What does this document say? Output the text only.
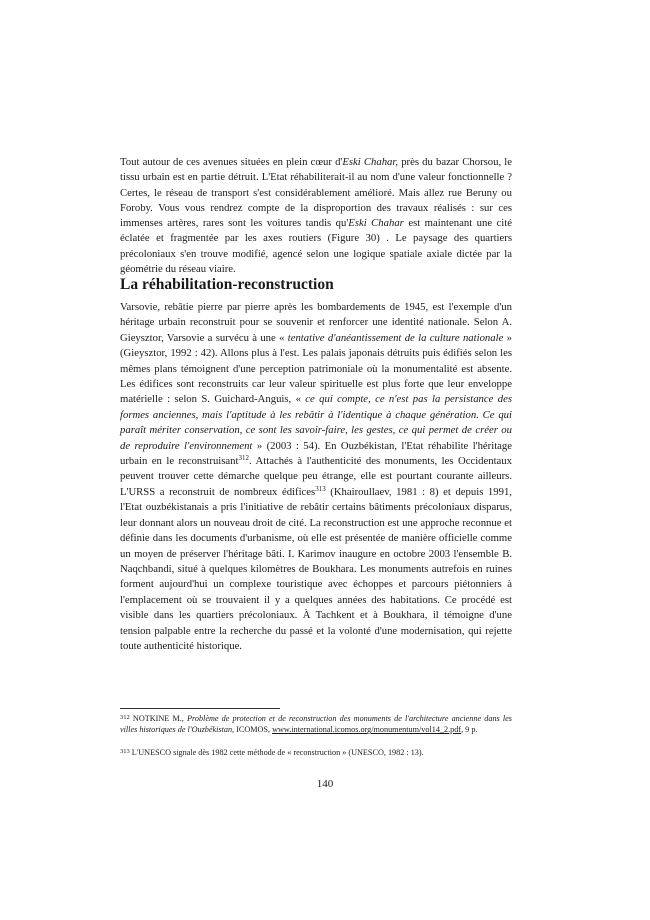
Tout autour de ces avenues situées en plein cœur d'Eski Chahar, près du bazar Chorsou, le tissu urbain est en partie détruit. L'Etat réhabiliterait-il au nom d'une valeur fonctionnelle ? Certes, le réseau de transport s'est considérablement amélioré. Mais allez rue Beruny ou Foroby. Vous vous rendrez compte de la disproportion des travaux réalisés : sur ces immenses artères, rares sont les voitures tandis qu'Eski Chahar est maintenant une cité éclatée et fragmentée par les axes routiers (Figure 30) . Le paysage des quartiers précoloniaux s'en trouve modifié, agencé selon une logique spatiale axiale dictée par la géométrie du réseau viaire.

La réhabilitation-reconstruction

Varsovie, rebâtie pierre par pierre après les bombardements de 1945, est l'exemple d'un héritage urbain reconstruit pour se souvenir et renforcer une identité nationale. Selon A. Gieysztor, Varsovie a survécu à une « tentative d'anéantissement de la culture nationale » (Gieysztor, 1992 : 42). Allons plus à l'est. Les palais japonais détruits puis édifiés selon les mêmes plans témoignent d'une perception patrimoniale où la monumentalité est absente. Les édifices sont reconstruits car leur valeur spirituelle est plus forte que leur enveloppe matérielle : selon S. Guichard-Anguis, « ce qui compte, ce n'est pas la persistance des formes anciennes, mais l'aptitude à les rebâtir à l'identique à chaque génération. Ce qui paraît mériter conservation, ce sont les savoir-faire, les gestes, ce qui permet de créer ou de reproduire l'environnement » (2003 : 54). En Ouzbékistan, l'Etat réhabilite l'héritage urbain en le reconstruisant$^{312}$. Attachés à l'authenticité des monuments, les Occidentaux peuvent trouver cette démarche quelque peu étrange, elle est pourtant courante ailleurs. L'URSS a reconstruit de nombreux édifices$^{313}$ (Khairoullaev, 1981 : 8) et depuis 1991, l'Etat ouzbékistanais a pris l'initiative de rebâtir certains bâtiments précoloniaux disparus, leur donnant alors un nouveau droit de cité. La reconstruction est une approche reconnue et définie dans les documents d'urbanisme, où elle est présentée de manière officielle comme un moyen de préserver l'héritage bâti. I. Karimov inaugure en octobre 2003 l'ensemble B. Naqchbandi, situé à quelques kilomètres de Boukhara. Les monuments autrefois en ruines forment aujourd'hui un complexe touristique avec échoppes et parcours piétonniers à l'emplacement où se trouvaient il y a quelques années des habitations. Ce procédé est visible dans les quartiers précoloniaux. À Tachkent et à Boukhara, il témoigne d'une tension palpable entre la recherche du passé et la volonté d'une modernisation, qui rejette toute authenticité historique.

$^{312}$ NOTKINE M., Problème de protection et de reconstruction des monuments de l'architecture ancienne dans les villes historiques de l'Ouzbékistan, ICOMOS, www.international.icomos.org/monumentum/vol14_2.pdf, 9 p.

$^{313}$ L'UNESCO signale dès 1982 cette méthode de « reconstruction » (UNESCO, 1982 : 13).

140
